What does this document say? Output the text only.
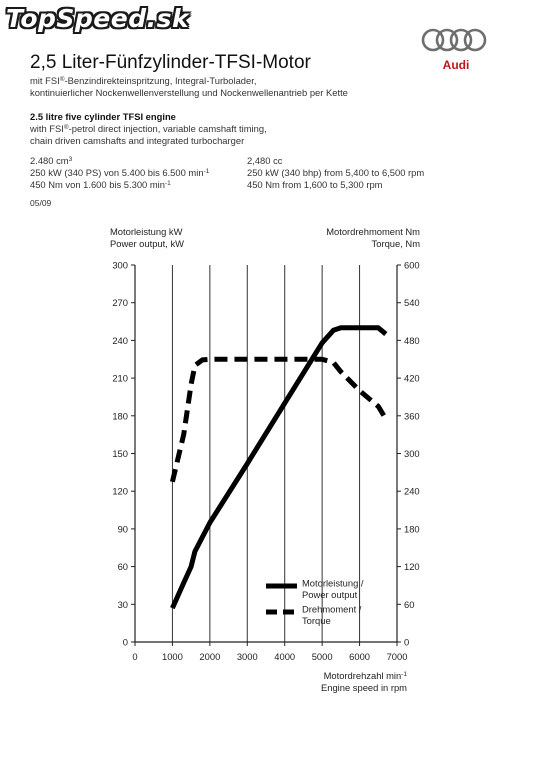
TopSpeed.sk
Audi
2,5 Liter-Fünfzylinder-TFSI-Motor
mit FSI®-Benzindirekteinspritzung, Integral-Turbolader,
kontinuierlicher Nockenwellenverstellung und Nockenwellenantrieb per Kette
2.5 litre five cylinder TFSI engine
with FSI®-petrol direct injection, variable camshaft timing,
chain driven camshafts and integrated turbocharger
2.480 $cm^3$
250 kW (340 PS) von 5.400 bis 6.500 $\min^{-1}$
450 Nm von 1.600 bis 5.300 $\min^{-1}$
2,480 cc
250 kW (340 bhp) from 5,400 to 6,500 rpm
450 Nm from 1,600 to 5,300 rpm
05/09
Motorleistung kW
Power output, kW
Motordrehmoment Nm
Torque, Nm
Motordrehzahl $\min^{-1}$
Engine speed in rpm
0	1000 2000 3000 4000 5000 6000 7000
0
30
60
90
120
150
180
210
240
270
300
0
60
120
180
240
300
360
420
480
540
600
Motorleistung /
Power output
Drehmoment /
Torque
